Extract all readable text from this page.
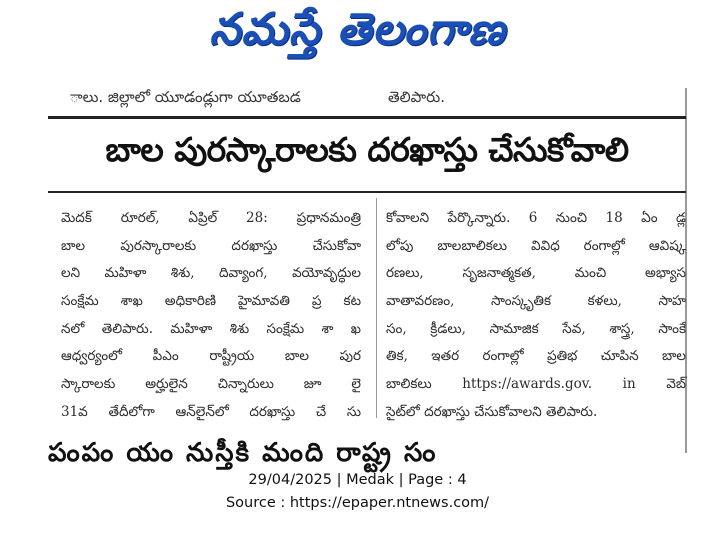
నమస్తే తెలంగాణ
ాలు. జిల్లాలో యూడండ్లుగా యూతబడ	తెలిపారు.
బాల పురస్కారాలకు దరఖాస్తు చేసుకోవాలి
మెదక్ రూరల్, ఏప్రిల్ 28: ప్రధానమంత్రి
బాల పురస్కారాలకు దరఖాస్తు చేసుకోవా
లని మహిళా శిశు, దివ్యాంగ, వయోవృద్ధుల
సంక్షేమ శాఖ అధికారిణి హైమావతి ప్ర కట
నలో తెలిపారు. మహిళా శిశు సంక్షేమ శా ఖ
ఆధ్వర్యంలో పీఎం రాష్ట్రీయ బాల పుర
స్కారాలకు అర్హులైన చిన్నారులు జూ లై
31వ తేదీలోగా ఆన్‌లైన్‌లో దరఖాస్తు చే సు
కోవాలని పేర్కొన్నారు. 6 నుంచి 18 ఏం డ్ల
లోపు బాలబాలికలు వివిధ రంగాల్లో ఆవిష్క
రణలు, సృజనాత్మకత, మంచి అభ్యాస
వాతావరణం, సాంస్కృతిక కళలు, సాహ
సం, క్రీడలు, సామాజిక సేవ, శాస్త్ర, సాంకే
తిక, ఇతర రంగాల్లో ప్రతిభ చూపిన బాల
బాలికలు https://awards.gov. in వెబ్
సైట్‌లో దరఖాస్తు చేసుకోవాలని తెలిపారు.
పంపం యం నుస్తీకి మంది రాష్ట్ర సం
29/04/2025 | Medak | Page : 4
Source : https://epaper.ntnews.com/
